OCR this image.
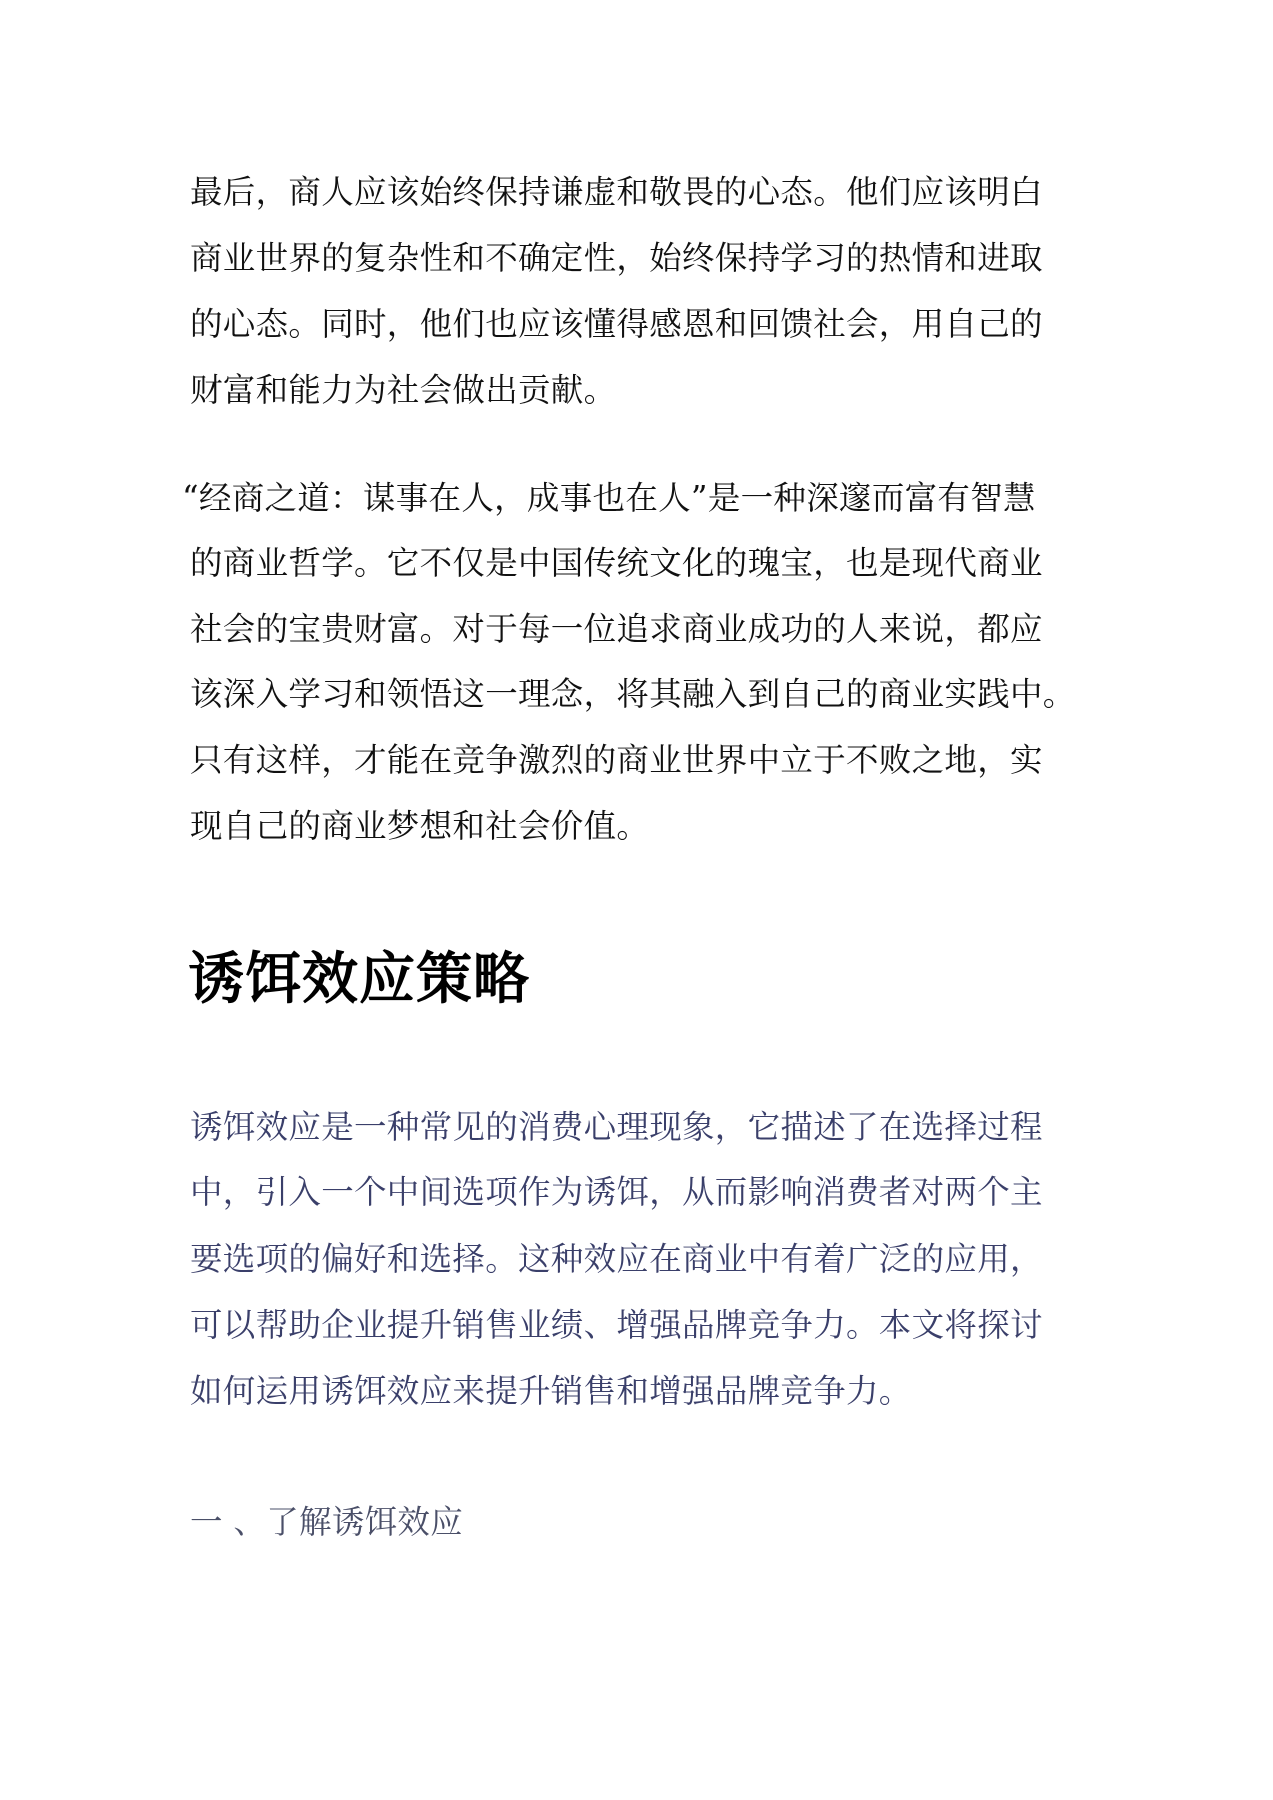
最后，商人应该始终保持谦虚和敬畏的心态。他们应该明白

商业世界的复杂性和不确定性，始终保持学习的热情和进取

的心态。同时，他们也应该懂得感恩和回馈社会，用自己的

财富和能力为社会做出贡献。

“经商之道：谋事在人，成事也在人”是一种深邃而富有智慧

的商业哲学。它不仅是中国传统文化的瑰宝，也是现代商业

社会的宝贵财富。对于每一位追求商业成功的人来说，都应

该深入学习和领悟这一理念，将其融入到自己的商业实践中。

只有这样，才能在竞争激烈的商业世界中立于不败之地，实

现自己的商业梦想和社会价值。

诱饵效应策略

诱饵效应是一种常见的消费心理现象，它描述了在选择过程

中，引入一个中间选项作为诱饵，从而影响消费者对两个主

要选项的偏好和选择。这种效应在商业中有着广泛的应用，

可以帮助企业提升销售业绩、增强品牌竞争力。本文将探讨

如何运用诱饵效应来提升销售和增强品牌竞争力。

一 、了解诱饵效应
